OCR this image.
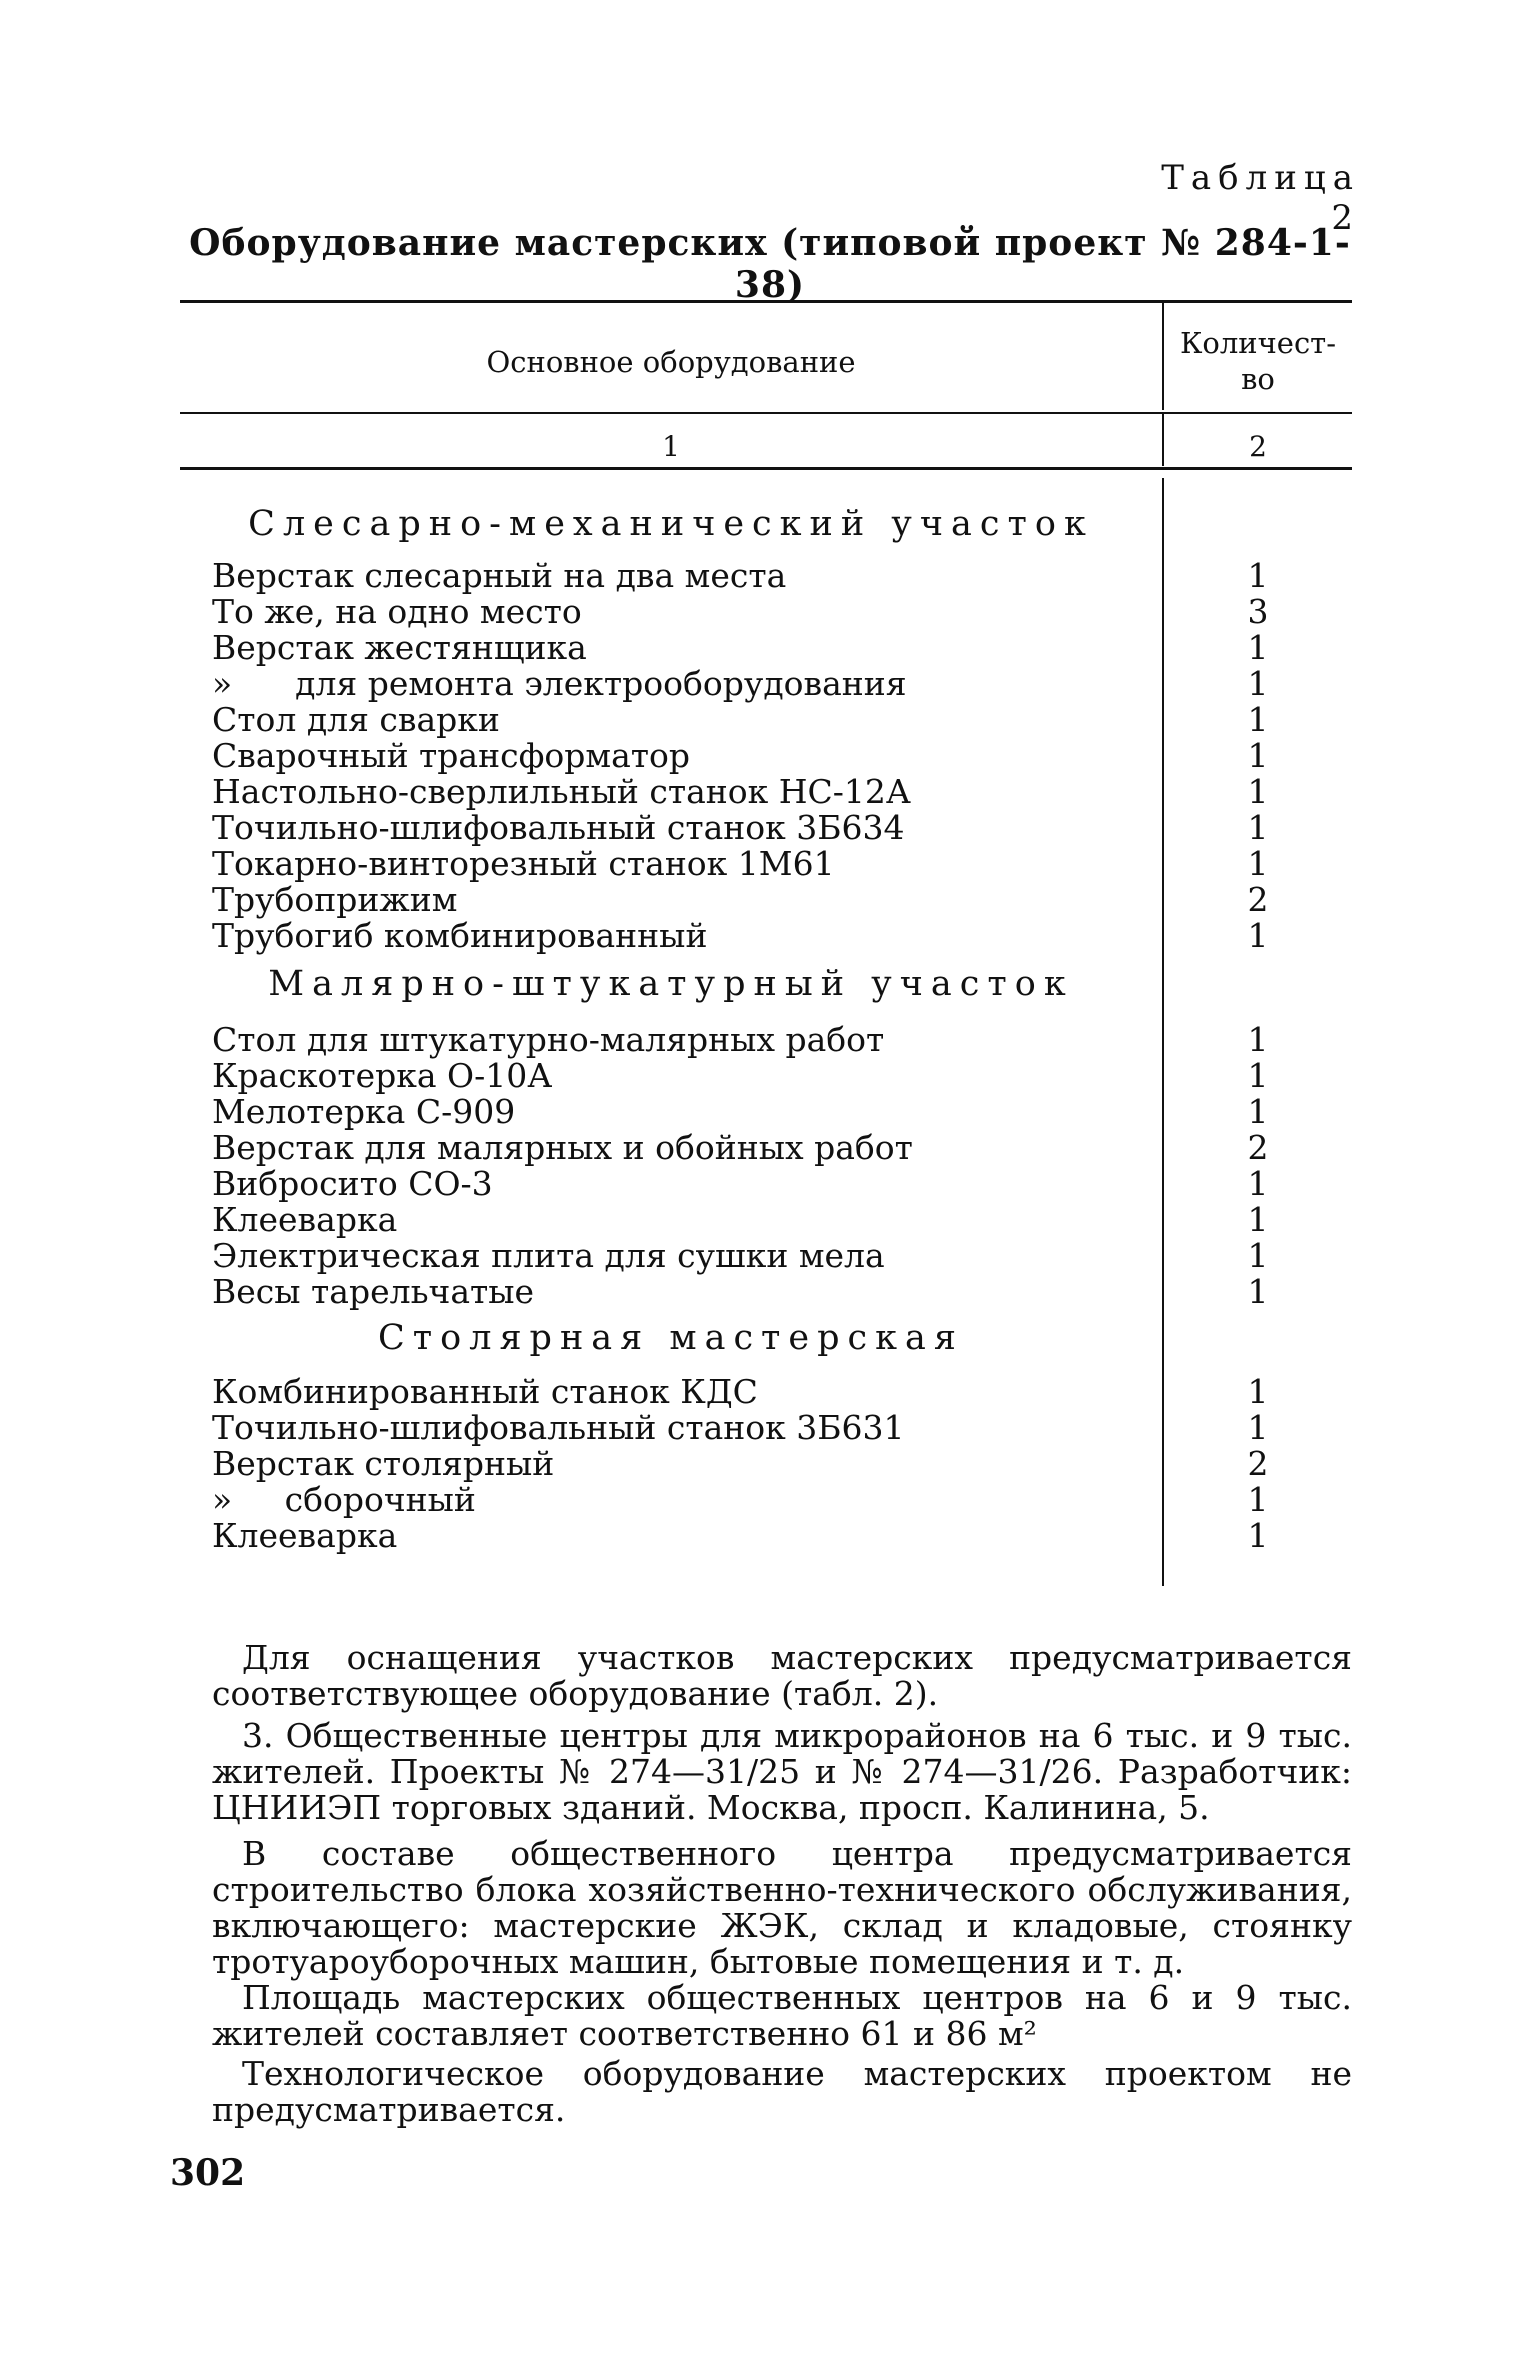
Таблица 2
Оборудование мастерских (типовой проект № 284-1-38)
Основное оборудование
Количест-
во
1	2
Слесарно-механический участок
Верстак слесарный на два места	1
То же, на одно место	3
Верстак жестянщика	1
»      для ремонта электрооборудования	1
Стол для сварки	1
Сварочный трансформатор	1
Настольно-сверлильный станок НС-12А	1
Точильно-шлифовальный станок 3Б634	1
Токарно-винторезный станок 1М61	1
Трубоприжим	2
Трубогиб комбинированный	1
Малярно-штукатурный участок
Стол для штукатурно-малярных работ	1
Краскотерка О-10А	1
Мелотерка С-909	1
Верстак для малярных и обойных работ	2
Вибросито СО-3	1
Клееварка	1
Электрическая плита для сушки мела	1
Весы тарельчатые	1
Столярная мастерская
Комбинированный станок КДС	1
Точильно-шлифовальный станок 3Б631	1
Верстак столярный	2
»     сборочный	1
Клееварка	1
Для оснащения участков мастерских предусматривается соответствующее оборудование (табл. 2).
3. Общественные центры для микрорайонов на 6 тыс. и 9 тыс. жителей. Проекты № 274—31/25 и № 274—31/26. Разработчик: ЦНИИЭП торговых зданий. Москва, просп. Калинина, 5.
В составе общественного центра предусматривается строительство блока хозяйственно-технического обслуживания, включающего: мастерские ЖЭК, склад и кладовые, стоянку тротуароуборочных машин, бытовые помещения и т. д.
Площадь мастерских общественных центров на 6 и 9 тыс. жителей составляет соответственно 61 и 86 м²
Технологическое оборудование мастерских проектом не предусматривается.
302
